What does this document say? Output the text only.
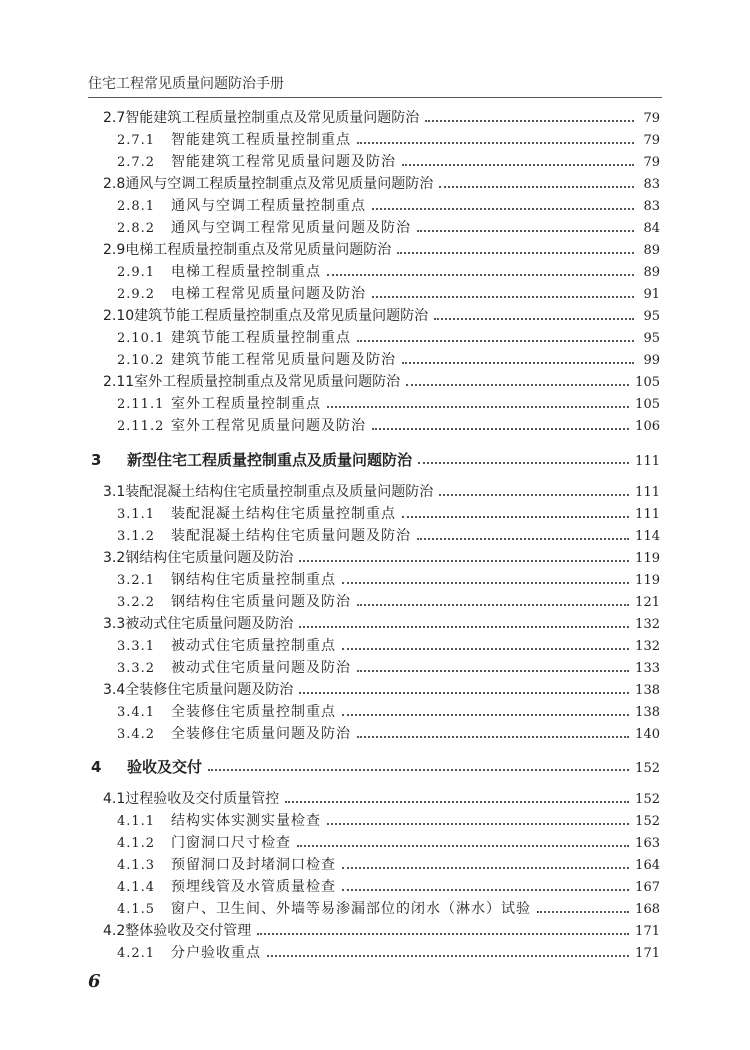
住宅工程常见质量问题防治手册
2.7 智能建筑工程质量控制重点及常见质量问题防治	79
2.7.1	智能建筑工程质量控制重点	79
2.7.2	智能建筑工程常见质量问题及防治	79
2.8 通风与空调工程质量控制重点及常见质量问题防治	83
2.8.1	通风与空调工程质量控制重点	83
2.8.2	通风与空调工程常见质量问题及防治	84
2.9 电梯工程质量控制重点及常见质量问题防治	89
2.9.1	电梯工程质量控制重点	89
2.9.2	电梯工程常见质量问题及防治	91
2.10 建筑节能工程质量控制重点及常见质量问题防治	95
2.10.1 建筑节能工程质量控制重点	95
2.10.2 建筑节能工程常见质量问题及防治	99
2.11 室外工程质量控制重点及常见质量问题防治	105
2.11.1 室外工程质量控制重点	105
2.11.2 室外工程常见质量问题及防治	106
3	新型住宅工程质量控制重点及质量问题防治	111
3.1 装配混凝土结构住宅质量控制重点及质量问题防治	111
3.1.1	装配混凝土结构住宅质量控制重点	111
3.1.2	装配混凝土结构住宅质量问题及防治	114
3.2 钢结构住宅质量问题及防治	119
3.2.1	钢结构住宅质量控制重点	119
3.2.2	钢结构住宅质量问题及防治	121
3.3 被动式住宅质量问题及防治	132
3.3.1	被动式住宅质量控制重点	132
3.3.2	被动式住宅质量问题及防治	133
3.4 全装修住宅质量问题及防治	138
3.4.1	全装修住宅质量控制重点	138
3.4.2	全装修住宅质量问题及防治	140
4	验收及交付	152
4.1 过程验收及交付质量管控	152
4.1.1	结构实体实测实量检查	152
4.1.2	门窗洞口尺寸检查	163
4.1.3	预留洞口及封堵洞口检查	164
4.1.4	预埋线管及水管质量检查	167
4.1.5	窗户、卫生间、外墙等易渗漏部位的闭水（淋水）试验	168
4.2 整体验收及交付管理	171
4.2.1	分户验收重点	171
6
